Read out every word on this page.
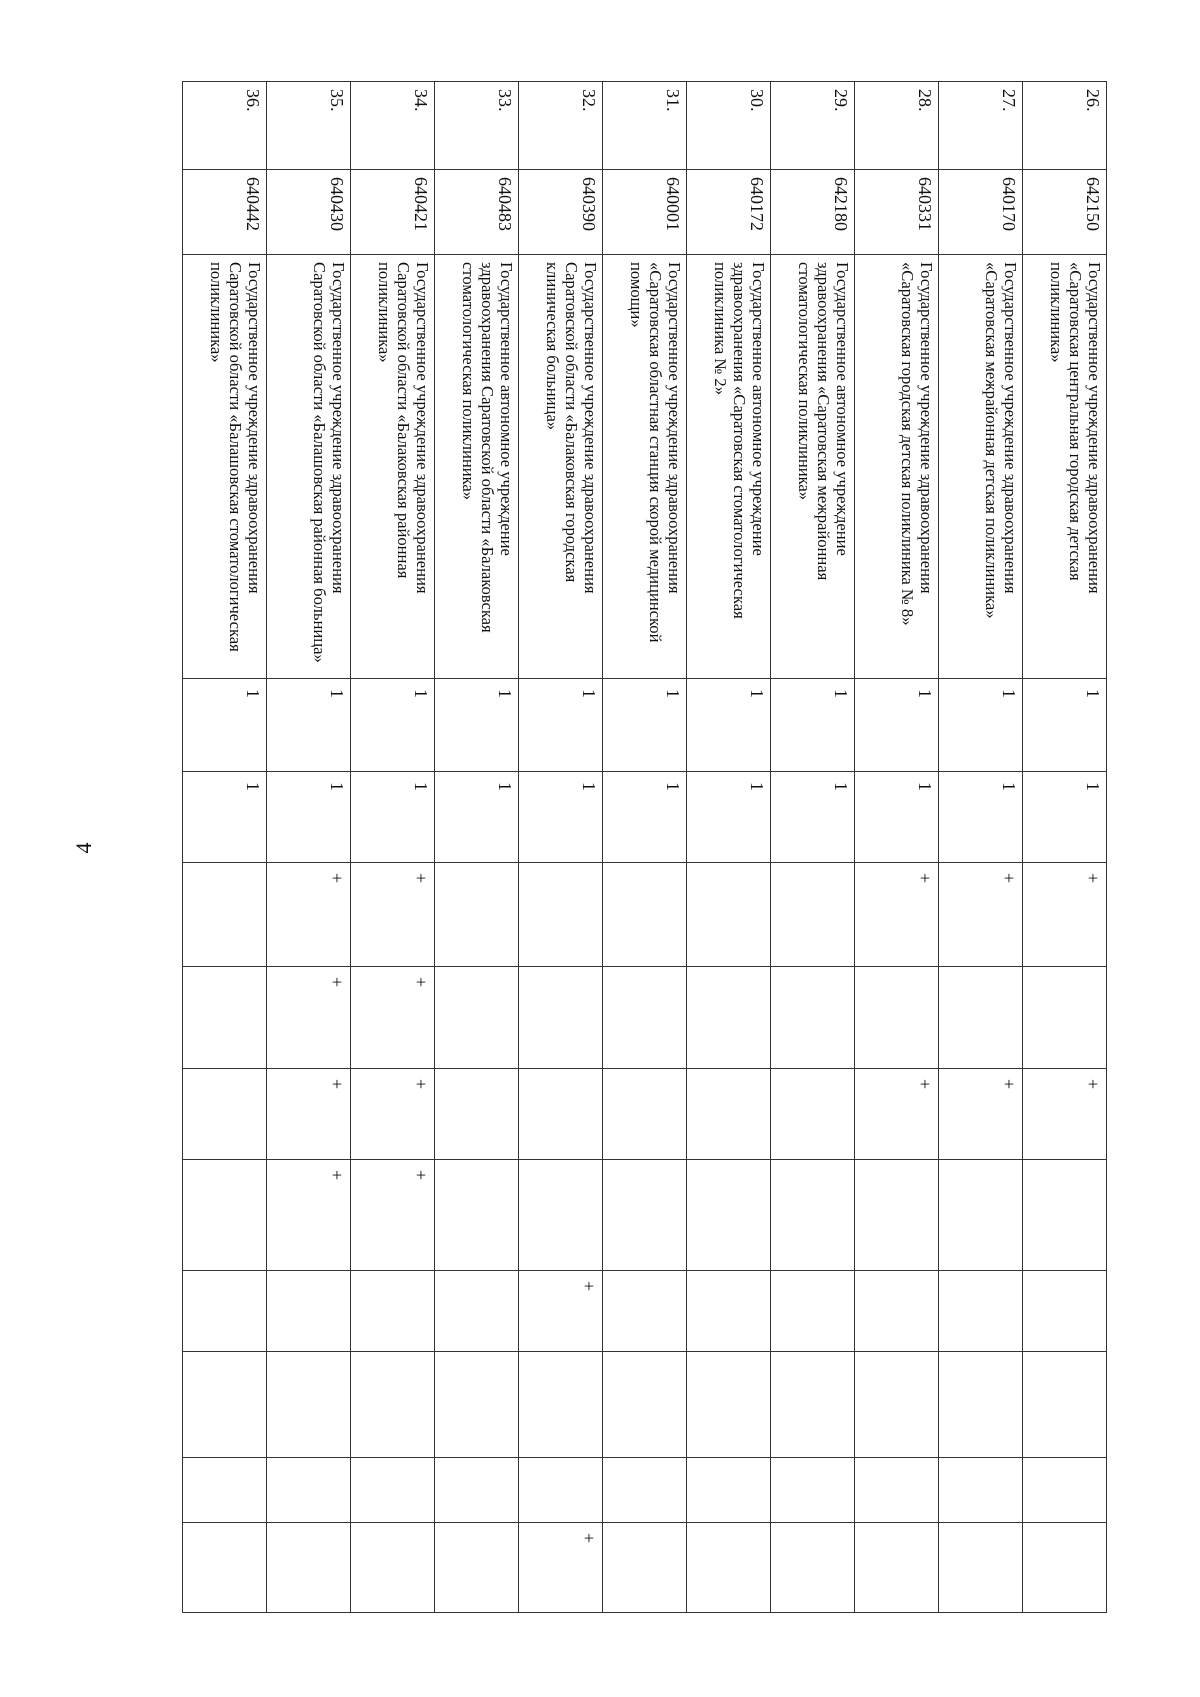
4
26.	642150	Государственное учреждение здравоохранения «Саратовская центральная городская детская поликлиника»	1	1	+		+					
27.	640170	Государственное учреждение здравоохранения «Саратовская межрайонная детская поликлиника»	1	1	+		+					
28.	640331	Государственное учреждение здравоохранения «Саратовская городская детская поликлиника № 8»	1	1	+		+					
29.	642180	Государственное автономное учреждение здравоохранения «Саратовская межрайонная стоматологическая поликлиника»	1	1								
30.	640172	Государственное автономное учреждение здравоохранения «Саратовская стоматологическая поликлиника № 2»	1	1								
31.	640001	Государственное учреждение здравоохранения «Саратовская областная станция скорой медицинской помощи»	1	1								
32.	640390	Государственное учреждение здравоохранения Саратовской области «Балаковская городская клиническая больница»	1	1					+			+
33.	640483	Государственное автономное учреждение здравоохранения Саратовской области «Балаковская стоматологическая поликлиника»	1	1								
34.	640421	Государственное учреждение здравоохранения Саратовской области «Балаковская районная поликлиника»	1	1	+	+	+	+				
35.	640430	Государственное учреждение здравоохранения Саратовской области «Балашовская районная больница»	1	1	+	+	+	+				
36.	640442	Государственное учреждение здравоохранения Саратовской области «Балашовская стоматологическая поликлиника»	1	1								
